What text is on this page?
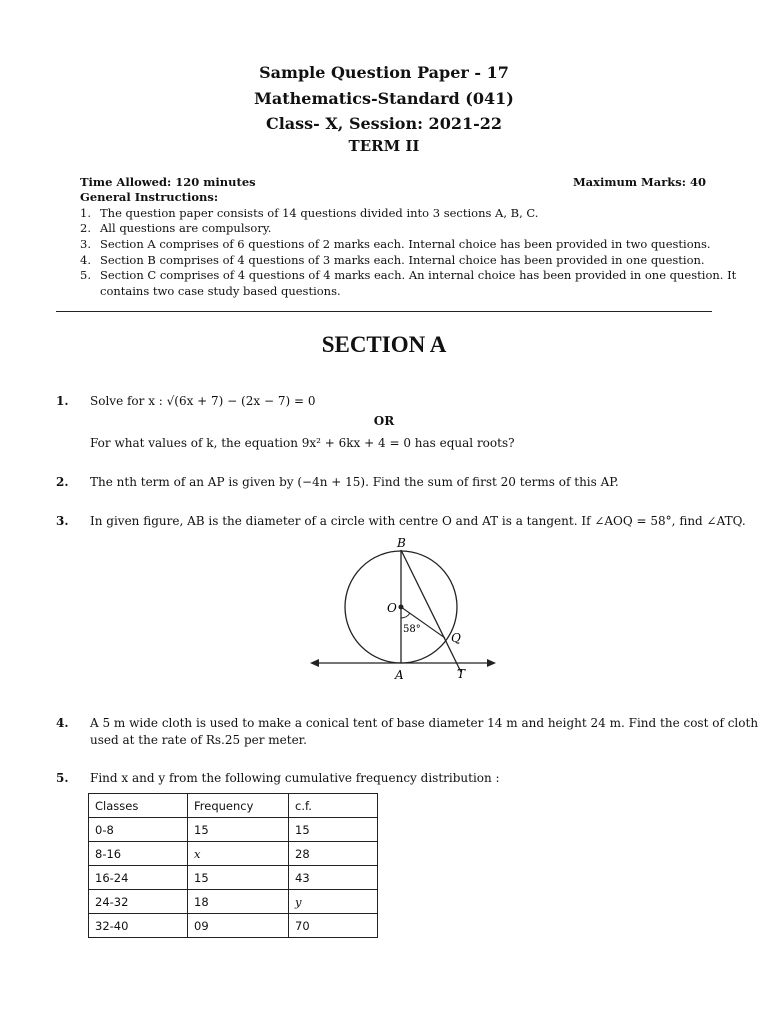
Sample Question Paper - 17
Mathematics-Standard (041)
Class- X, Session: 2021-22
TERM II
Time Allowed: 120 minutes	Maximum Marks: 40
General Instructions:
1. The question paper consists of 14 questions divided into 3 sections A, B, C.
2. All questions are compulsory.
3. Section A comprises of 6 questions of 2 marks each. Internal choice has been provided in two questions.
4. Section B comprises of 4 questions of 3 marks each. Internal choice has been provided in one question.
5. Section C comprises of 4 questions of 4 marks each. An internal choice has been provided in one question. It
contains two case study based questions.
SECTION A
1. Solve for x : √(6x + 7) − (2x − 7) = 0
OR
For what values of k, the equation 9x² + 6kx + 4 = 0 has equal roots?
2. The nth term of an AP is given by (−4n + 15). Find the sum of first 20 terms of this AP.
3. In given figure, AB is the diameter of a circle with centre O and AT is a tangent. If ∠AOQ = 58°, find ∠ATQ.
B
O
58°
Q
A	T
4. A 5 m wide cloth is used to make a conical tent of base diameter 14 m and height 24 m. Find the cost of cloth
used at the rate of Rs.25 per meter.
5. Find x and y from the following cumulative frequency distribution :
Classes	Frequency	c.f.
0-8	15	15
8-16	x	28
16-24	15	43
24-32	18	y
32-40	09	70
